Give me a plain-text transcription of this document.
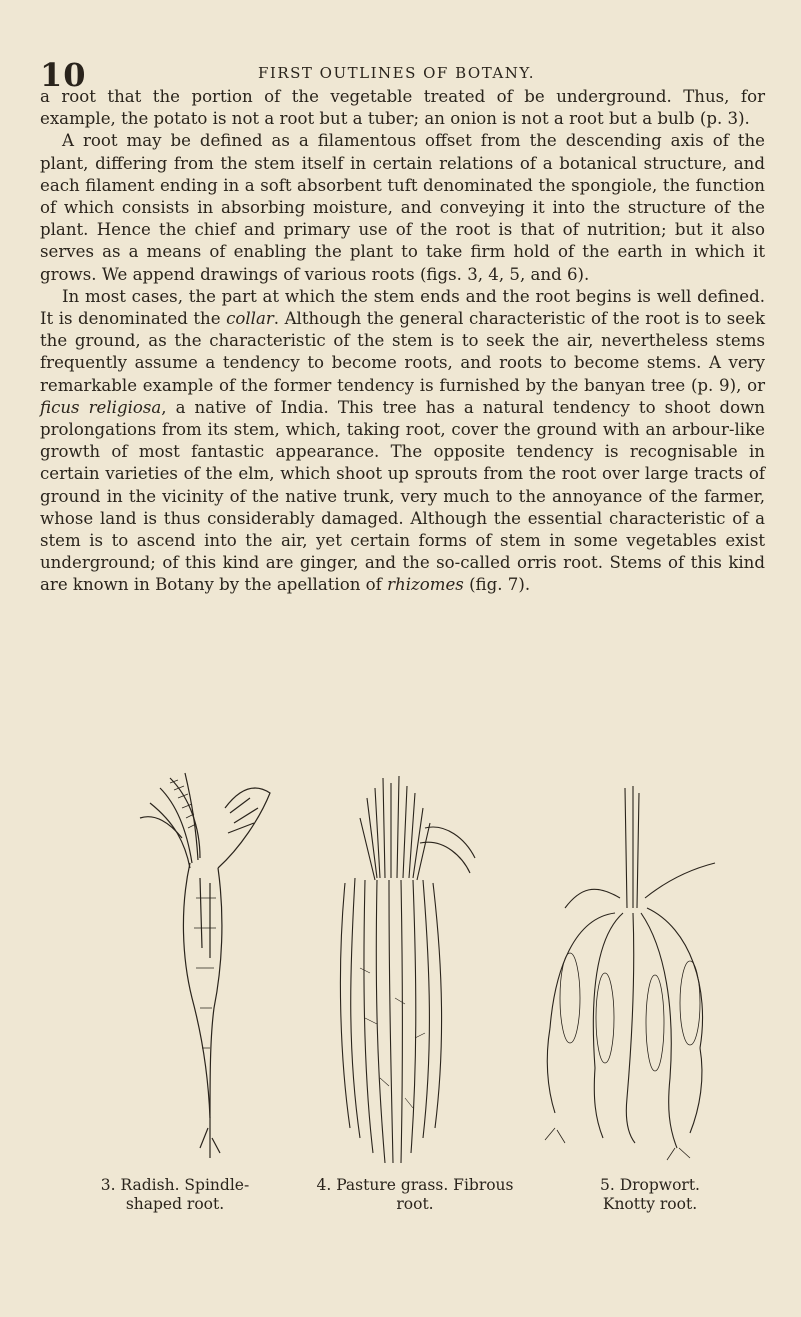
10	FIRST OUTLINES OF BOTANY.

a root that the portion of the vegetable treated of be underground. Thus, for example, the potato is not a root but a tuber; an onion is not a root but a bulb (p. 3).

A root may be defined as a filamentous offset from the descending axis of the plant, differing from the stem itself in certain relations of a botanical structure, and each filament ending in a soft absorbent tuft denominated the spongiole, the function of which consists in absorbing moisture, and conveying it into the structure of the plant. Hence the chief and primary use of the root is that of nutrition; but it also serves as a means of enabling the plant to take firm hold of the earth in which it grows. We append drawings of various roots (figs. 3, 4, 5, and 6).

In most cases, the part at which the stem ends and the root begins is well defined. It is denominated the collar. Although the general characteristic of the root is to seek the ground, as the characteristic of the stem is to seek the air, nevertheless stems frequently assume a tendency to become roots, and roots to become stems. A very remarkable example of the former tendency is furnished by the banyan tree (p. 9), or ficus religiosa, a native of India. This tree has a natural tendency to shoot down prolongations from its stem, which, taking root, cover the ground with an arbour-like growth of most fantastic appearance. The opposite tendency is recognisable in certain varieties of the elm, which shoot up sprouts from the root over large tracts of ground in the vicinity of the native trunk, very much to the annoyance of the farmer, whose land is thus considerably damaged. Although the essential characteristic of a stem is to ascend into the air, yet certain forms of stem in some vegetables exist underground; of this kind are ginger, and the so-called orris root. Stems of this kind are known in Botany by the apellation of rhizomes (fig. 7).

3. Radish. Spindle-
shaped root.
4. Pasture grass. Fibrous
root.
5. Dropwort.
Knotty root.
